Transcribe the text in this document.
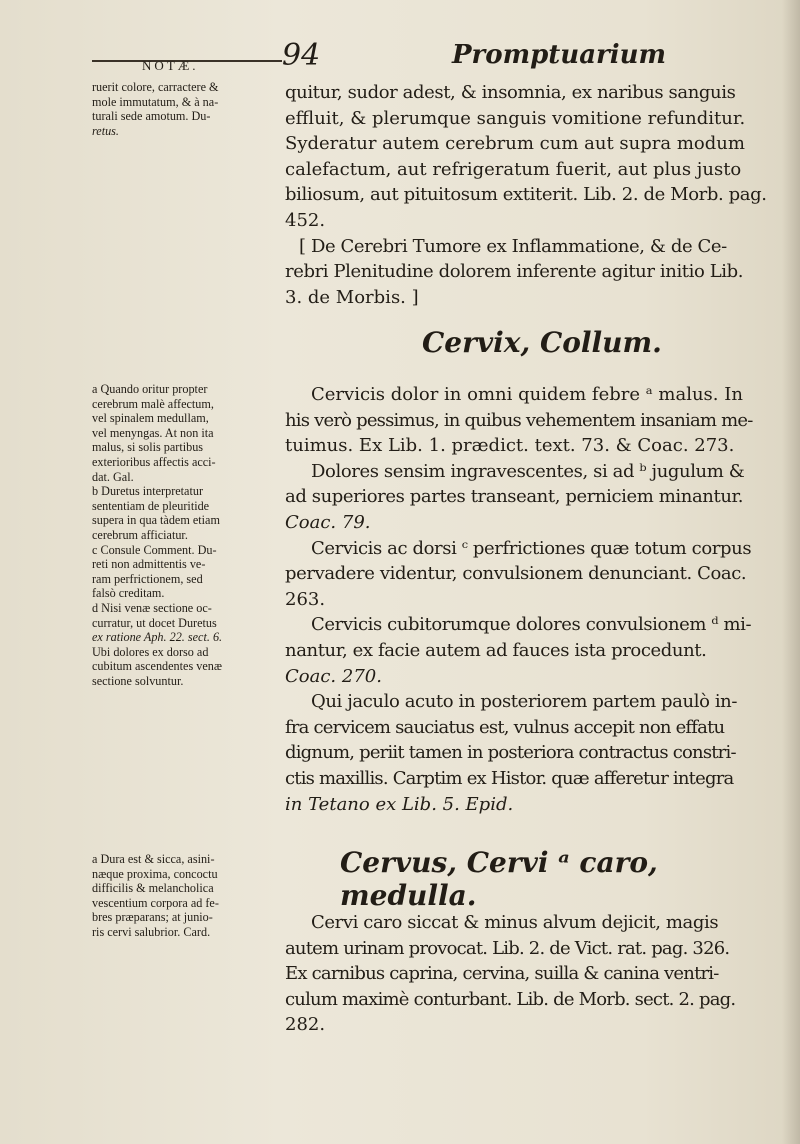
NOTÆ.	94	Promptuarium
ruerit colore, carractere &
mole immutatum, & à na-
turali sede amotum. Du-
retus.
quitur, sudor adest, & insomnia, ex naribus sanguis
effluit, & plerumque sanguis vomitione refunditur.
Syderatur autem cerebrum cum aut supra modum
calefactum, aut refrigeratum fuerit, aut plus justo
biliosum, aut pituitosum extiterit. Lib. 2. de Morb. pag.
452.
[ De Cerebri Tumore ex Inflammatione, & de Ce-
rebri Plenitudine dolorem inferente agitur initio Lib.
3. de Morbis. ]
Cervix, Collum.
a Quando oritur propter
cerebrum malè affectum,
vel spinalem medullam,
vel menyngas. At non ita
malus, si solis partibus
exterioribus affectis acci-
dat. Gal.
b Duretus interpretatur
sententiam de pleuritide
supera in qua tàdem etiam
cerebrum afficiatur.
c Consule Comment. Du-
reti non admittentis ve-
ram perfrictionem, sed
falsò creditam.
d Nisi venæ sectione oc-
curratur, ut docet Duretus
ex ratione Aph. 22. sect. 6.
Ubi dolores ex dorso ad
cubitum ascendentes venæ
sectione solvuntur.
Cervicis dolor in omni quidem febre ᵃ malus. In
his verò pessimus, in quibus vehementem insaniam me-
tuimus. Ex Lib. 1. prædict. text. 73. & Coac. 273.
Dolores sensim ingravescentes, si ad ᵇ jugulum &
ad superiores partes transeant, perniciem minantur.
Coac. 79.
Cervicis ac dorsi ᶜ perfrictiones quæ totum corpus
pervadere videntur, convulsionem denunciant. Coac.
263.
Cervicis cubitorumque dolores convulsionem ᵈ mi-
nantur, ex facie autem ad fauces ista procedunt.
Coac. 270.
Qui jaculo acuto in posteriorem partem paulò in-
fra cervicem sauciatus est, vulnus accepit non effatu
dignum, periit tamen in posteriora contractus constri-
ctis maxillis. Carptim ex Histor. quæ afferetur integra
in Tetano ex Lib. 5. Epid.
Cervus, Cervi ᵃ caro, medulla.
a Dura est & sicca, asini-
næque proxima, concoctu
difficilis & melancholica
vescentium corpora ad fe-
bres præparans; at junio-
ris cervi salubrior. Card.	Cervi caro siccat & minus alvum dejicit, magis
autem urinam provocat. Lib. 2. de Vict. rat. pag. 326.
Ex carnibus caprina, cervina, suilla & canina ventri-
culum maximè conturbant. Lib. de Morb. sect. 2. pag.
282.
